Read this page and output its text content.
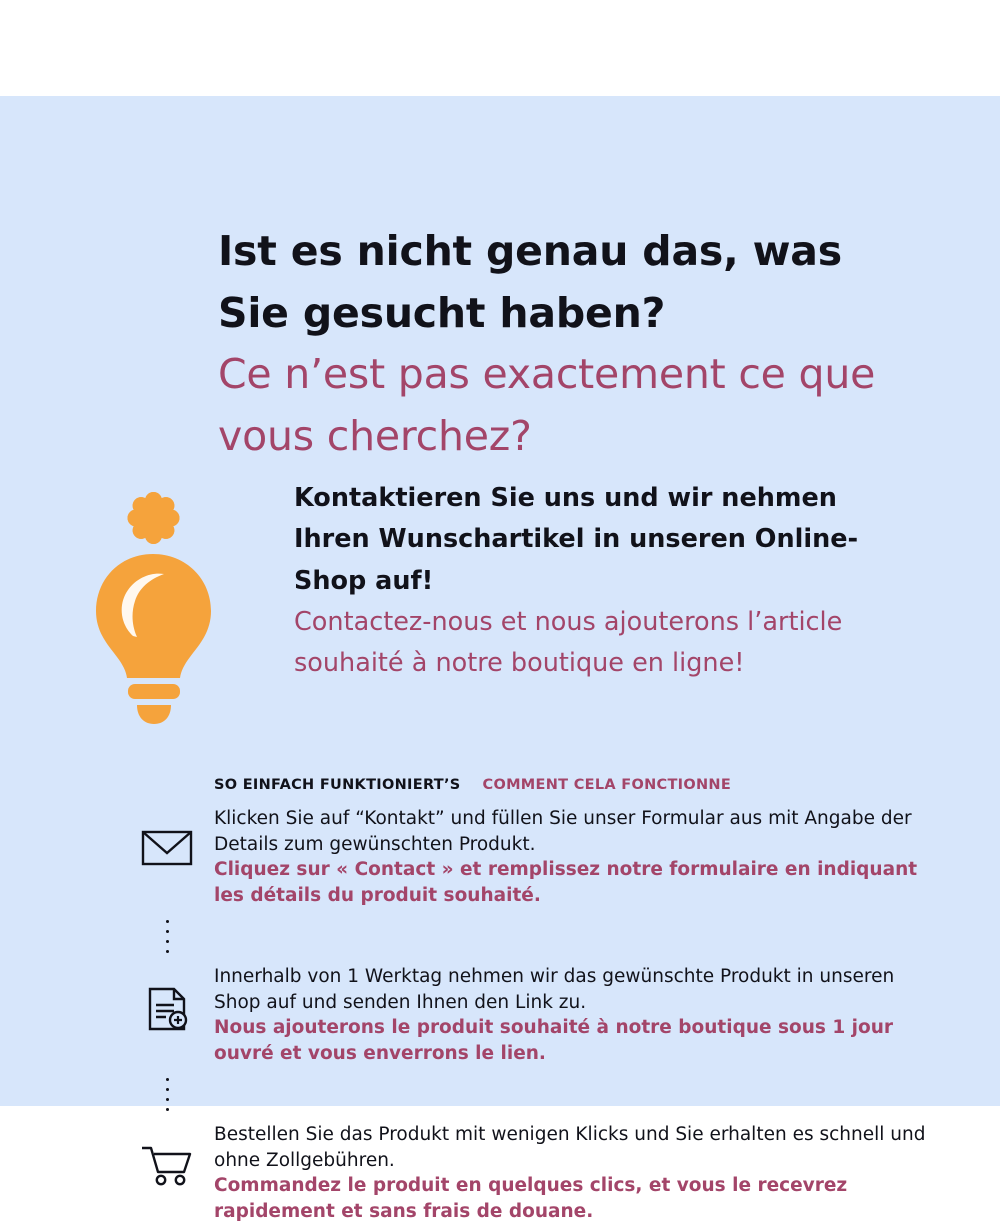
Ist es nicht genau das, was Sie gesucht haben?
Ce n’est pas exactement ce que vous cherchez?
Kontaktieren Sie uns und wir nehmen Ihren Wunschartikel in unseren Online-Shop auf!
Contactez-nous et nous ajouterons l’article souhaité à notre boutique en ligne!
SO EINFACH FUNKTIONIERT’S COMMENT CELA FONCTIONNE
Klicken Sie auf “Kontakt” und füllen Sie unser Formular aus mit Angabe der Details zum gewünschten Produkt.
Cliquez sur « Contact » et remplissez notre formulaire en indiquant les détails du produit souhaité.
Innerhalb von 1 Werktag nehmen wir das gewünschte Produkt in unseren Shop auf und senden Ihnen den Link zu.
Nous ajouterons le produit souhaité à notre boutique sous 1 jour ouvré et vous enverrons le lien.
Bestellen Sie das Produkt mit wenigen Klicks und Sie erhalten es schnell und ohne Zollgebühren.
Commandez le produit en quelques clics, et vous le recevrez rapidement et sans frais de douane.
